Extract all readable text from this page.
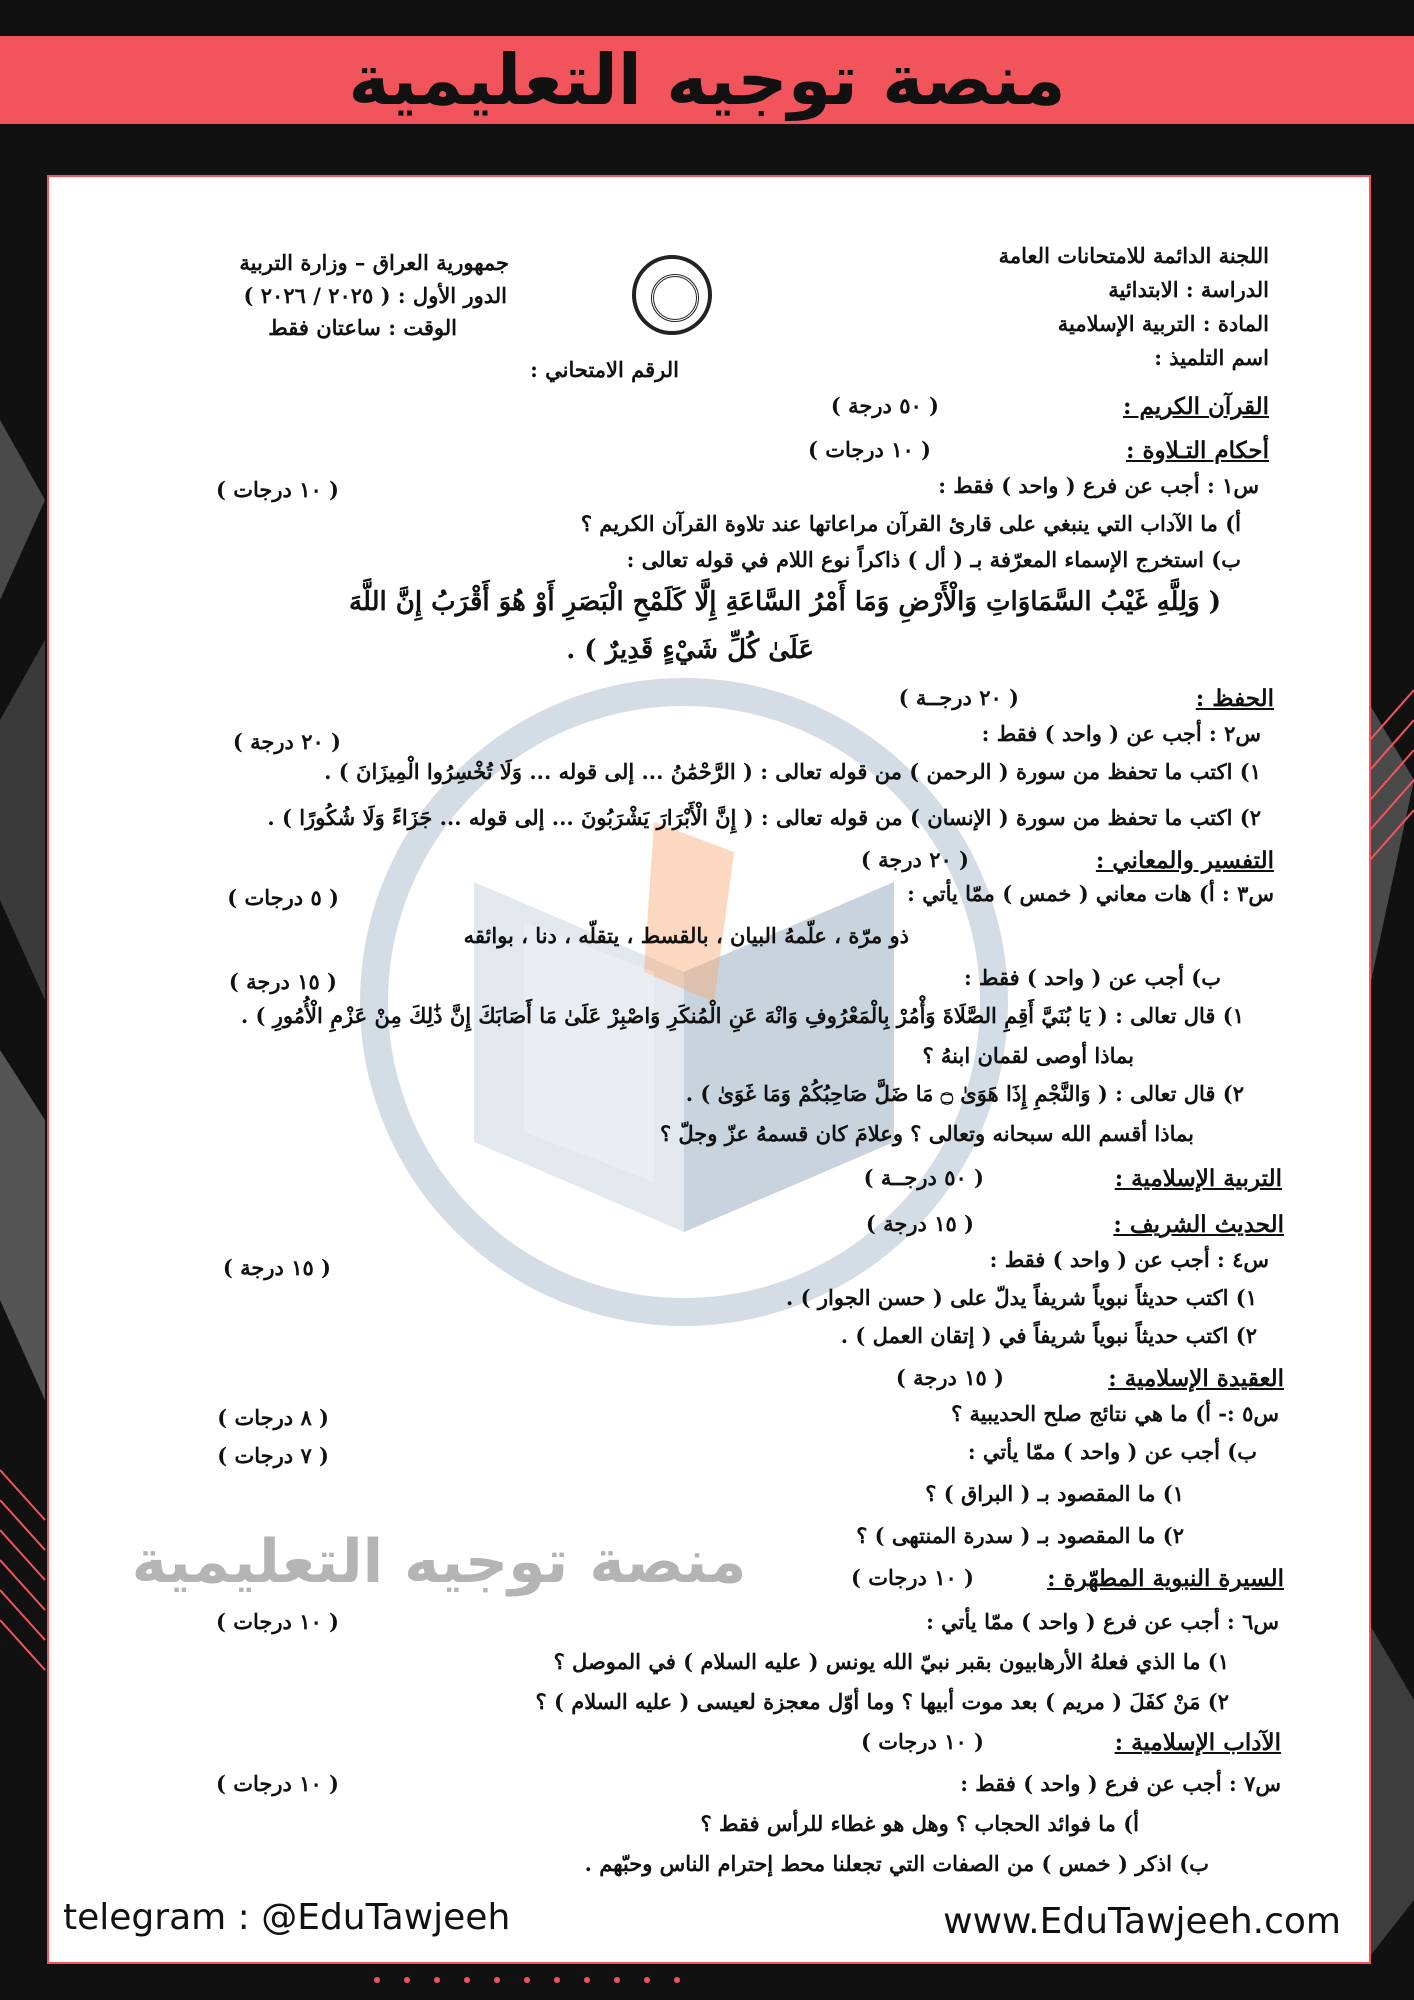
منصة توجيه التعليمية
منصة توجيه التعليمية
اللجنة الدائمة للامتحانات العامة
الدراسة : الابتدائية
المادة : التربية الإسلامية
اسم التلميذ :
جمهورية العراق – وزارة التربية
الدور الأول : ( ٢٠٢٥ / ٢٠٢٦ )
الوقت : ساعتان فقط
الرقم الامتحاني :
القرآن الكريم :
( ٥٠ درجة )
أحكام التـلاوة :
( ١٠ درجات )
س١ : أجب عن فرع ( واحد ) فقط :
( ١٠ درجات )
أ) ما الآداب التي ينبغي على قارئ القرآن مراعاتها عند تلاوة القرآن الكريم ؟
ب) استخرج الإسماء المعرّفة بـ ( أل ) ذاكراً نوع اللام في قوله تعالى :
( وَلِلَّهِ غَيْبُ السَّمَاوَاتِ وَالْأَرْضِ وَمَا أَمْرُ السَّاعَةِ إِلَّا كَلَمْحِ الْبَصَرِ أَوْ هُوَ أَقْرَبُ إِنَّ اللَّهَ
عَلَىٰ كُلِّ شَيْءٍ قَدِيرٌ ) .
الحفظ :
( ٢٠ درجــة )
س٢ : أجب عن ( واحد ) فقط :
( ٢٠ درجة )
١) اكتب ما تحفظ من سورة ( الرحمن ) من قوله تعالى : ( الرَّحْمَٰنُ ... إلى قوله ... وَلَا تُخْسِرُوا الْمِيزَانَ ) .
٢) اكتب ما تحفظ من سورة ( الإنسان ) من قوله تعالى : ( إِنَّ الْأَبْرَارَ يَشْرَبُونَ ... إلى قوله ... جَزَاءً وَلَا شُكُورًا ) .
التفسير والمعاني :
( ٢٠ درجة )
س٣ : أ) هات معاني ( خمس ) ممّا يأتي :
( ٥ درجات )
ذو مرّة ، علّمهُ البيان ، بالقسط ، يتقلّه ، دنا ، بوائقه
ب) أجب عن ( واحد ) فقط :
( ١٥ درجة )
١) قال تعالى : ( يَا بُنَيَّ أَقِمِ الصَّلَاةَ وَأْمُرْ بِالْمَعْرُوفِ وَانْهَ عَنِ الْمُنكَرِ وَاصْبِرْ عَلَىٰ مَا أَصَابَكَ إِنَّ ذَٰلِكَ مِنْ عَزْمِ الْأُمُورِ ) .
بماذا أوصى لقمان ابنهُ ؟
٢) قال تعالى : ( وَالنَّجْمِ إِذَا هَوَىٰ ۝ مَا ضَلَّ صَاحِبُكُمْ وَمَا غَوَىٰ ) .
بماذا أقسم الله سبحانه وتعالى ؟ وعلامَ كان قسمهُ عزّ وجلّ ؟
التربية الإسلامية :
( ٥٠ درجــة )
الحديث الشريف :
( ١٥ درجة )
س٤ : أجب عن ( واحد ) فقط :
( ١٥ درجة )
١) اكتب حديثاً نبوياً شريفاً يدلّ على ( حسن الجوار ) .
٢) اكتب حديثاً نبوياً شريفاً في ( إتقان العمل ) .
العقيدة الإسلامية :
( ١٥ درجة )
س٥ :- أ) ما هي نتائج صلح الحديبية ؟
( ٨ درجات )
ب) أجب عن ( واحد ) ممّا يأتي :
( ٧ درجات )
١) ما المقصود بـ ( البراق ) ؟
٢) ما المقصود بـ ( سدرة المنتهى ) ؟
السيرة النبوية المطهّرة :
( ١٠ درجات )
س٦ : أجب عن فرع ( واحد ) ممّا يأتي :
( ١٠ درجات )
١) ما الذي فعلهُ الأرهابيون بقبر نبيّ الله يونس ( عليه السلام ) في الموصل ؟
٢) مَنْ كفَلَ ( مريم ) بعد موت أبيها ؟ وما أوّل معجزة لعيسى ( عليه السلام ) ؟
الآداب الإسلامية :
( ١٠ درجات )
س٧ : أجب عن فرع ( واحد ) فقط :
( ١٠ درجات )
أ) ما فوائد الحجاب ؟ وهل هو غطاء للرأس فقط ؟
ب) اذكر ( خمس ) من الصفات التي تجعلنا محط إحترام الناس وحبّهم .
telegram : @EduTawjeeh	www.EduTawjeeh.com
